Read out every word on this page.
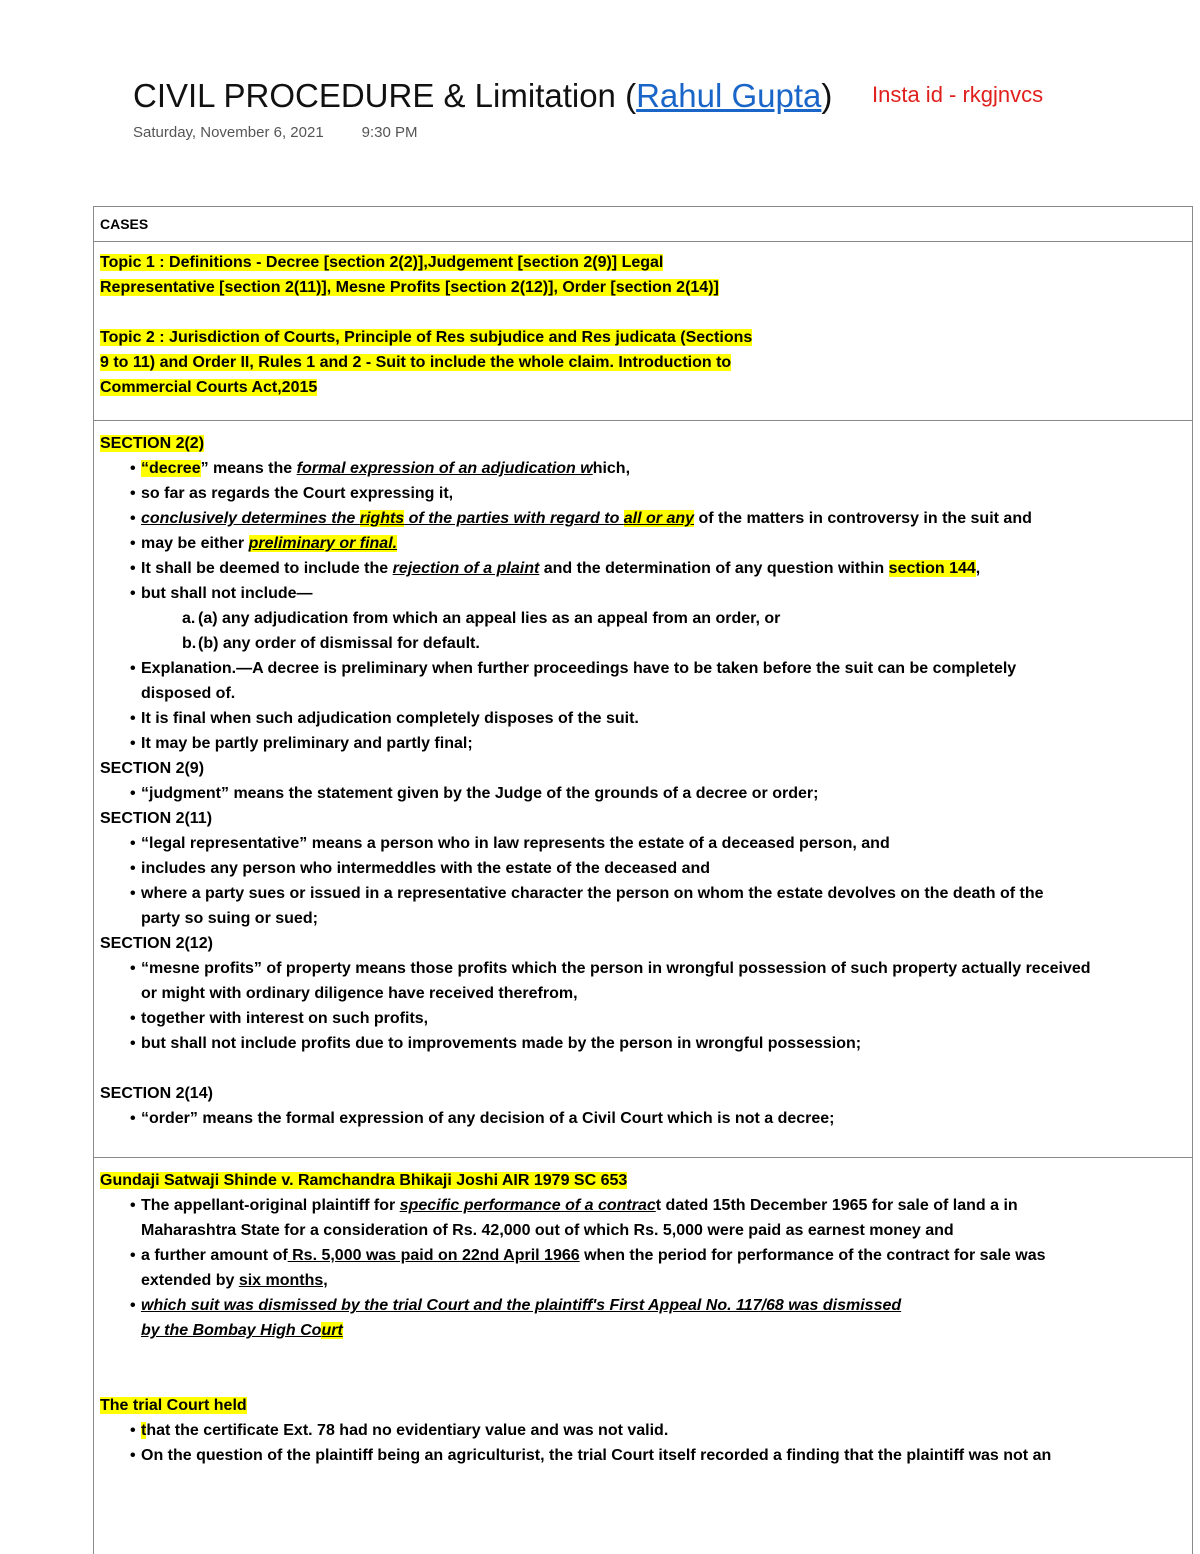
CIVIL PROCEDURE & Limitation (Rahul Gupta)	Insta id - rkgjnvcs
Saturday, November 6, 2021	9:30 PM
CASES
Topic 1 : Definitions - Decree [section 2(2)],Judgement [section 2(9)] Legal
Representative [section 2(11)], Mesne Profits [section 2(12)], Order [section 2(14)]
Topic 2 : Jurisdiction of Courts, Principle of Res subjudice and Res judicata (Sections
9 to 11) and Order II, Rules 1 and 2 - Suit to include the whole claim. Introduction to
Commercial Courts Act,2015
SECTION 2(2)
• “decree” means the formal expression of an adjudication which,
• so far as regards the Court expressing it,
• conclusively determines the rights of the parties with regard to all or any of the matters in controversy in the suit and
• may be either preliminary or final.
• It shall be deemed to include the rejection of a plaint and the determination of any question within section 144,
• but shall not include—
a. (a) any adjudication from which an appeal lies as an appeal from an order, or
b. (b) any order of dismissal for default.
• Explanation.—A decree is preliminary when further proceedings have to be taken before the suit can be completely
disposed of.
• It is final when such adjudication completely disposes of the suit.
• It may be partly preliminary and partly final;
SECTION 2(9)
• “judgment” means the statement given by the Judge of the grounds of a decree or order;
SECTION 2(11)
• “legal representative” means a person who in law represents the estate of a deceased person, and
• includes any person who intermeddles with the estate of the deceased and
• where a party sues or issued in a representative character the person on whom the estate devolves on the death of the
party so suing or sued;
SECTION 2(12)
• “mesne profits” of property means those profits which the person in wrongful possession of such property actually received
or might with ordinary diligence have received therefrom,
• together with interest on such profits,
• but shall not include profits due to improvements made by the person in wrongful possession;
SECTION 2(14)
• “order” means the formal expression of any decision of a Civil Court which is not a decree;
Gundaji Satwaji Shinde v. Ramchandra Bhikaji Joshi AIR 1979 SC 653
• The appellant-original plaintiff for specific performance of a contract dated 15th December 1965 for sale of land a in
Maharashtra State for a consideration of Rs. 42,000 out of which Rs. 5,000 were paid as earnest money and
• a further amount of Rs. 5,000 was paid on 22nd April 1966 when the period for performance of the contract for sale was
extended by six months,
• which suit was dismissed by the trial Court and the plaintiff's First Appeal No. 117/68 was dismissed
by the Bombay High Court
The trial Court held
• that the certificate Ext. 78 had no evidentiary value and was not valid.
• On the question of the plaintiff being an agriculturist, the trial Court itself recorded a finding that the plaintiff was not an
